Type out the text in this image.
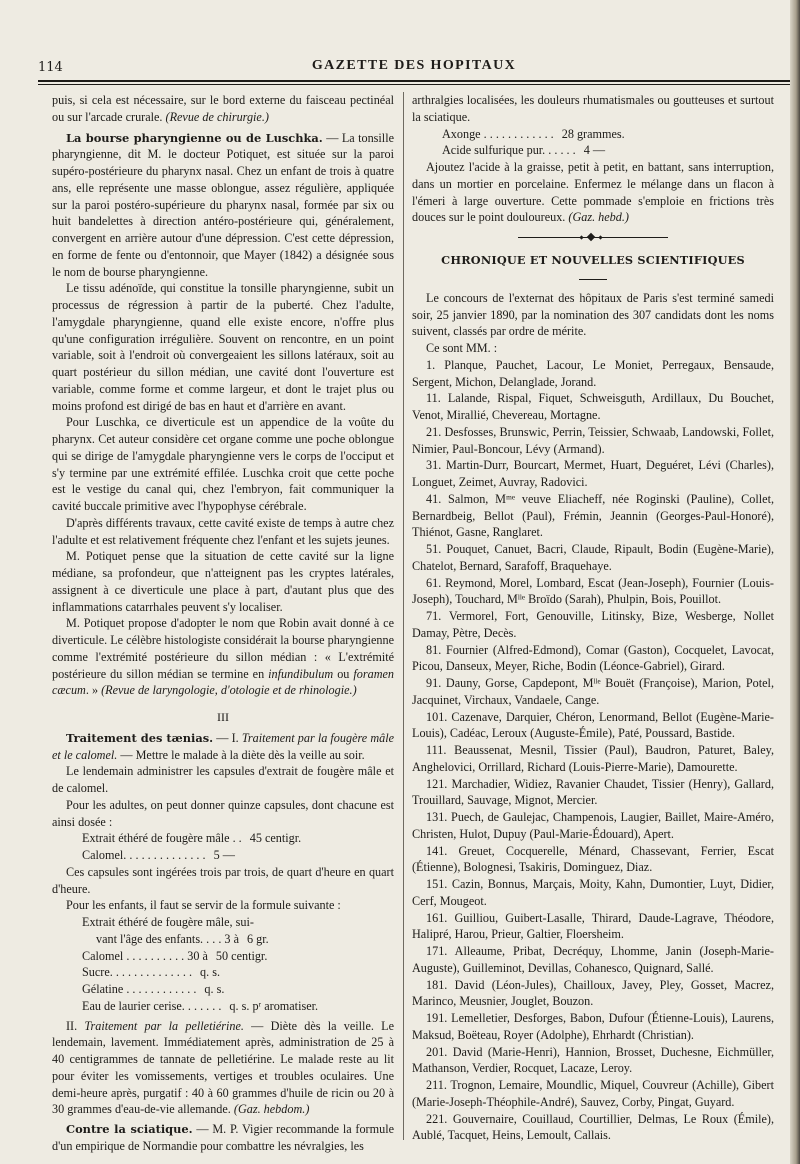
114	GAZETTE DES HOPITAUX

puis, si cela est nécessaire, sur le bord externe du faisceau pectinéal ou sur l'arcade crurale. (Revue de chirurgie.)

La bourse pharyngienne ou de Luschka. — La tonsille pharyngienne, dit M. le docteur Potiquet, est située sur la paroi supéro-postérieure du pharynx nasal. Chez un enfant de trois à quatre ans, elle représente une masse oblongue, assez régulière, appliquée sur la paroi postéro-supérieure du pharynx nasal, formée par six ou huit bandelettes à direction antéro-postérieure qui, généralement, convergent en arrière autour d'une dépression. C'est cette dépression, en forme de fente ou d'entonnoir, que Mayer (1842) a désignée sous le nom de bourse pharyngienne.

Le tissu adénoïde, qui constitue la tonsille pharyngienne, subit un processus de régression à partir de la puberté. Chez l'adulte, l'amygdale pharyngienne, quand elle existe encore, n'offre plus qu'une configuration irrégulière. Souvent on rencontre, en un point variable, soit à l'endroit où convergeaient les sillons latéraux, soit au quart postérieur du sillon médian, une cavité dont l'ouverture est variable, comme forme et comme largeur, et dont le trajet plus ou moins profond est dirigé de bas en haut et d'arrière en avant.

Pour Luschka, ce diverticule est un appendice de la voûte du pharynx. Cet auteur considère cet organe comme une poche oblongue qui se dirige de l'amygdale pharyngienne vers le corps de l'occiput et s'y termine par une extrémité effilée. Luschka croit que cette poche est le vestige du canal qui, chez l'embryon, fait communiquer la cavité buccale primitive avec l'hypophyse cérébrale.

D'après différents travaux, cette cavité existe de temps à autre chez l'adulte et est relativement fréquente chez l'enfant et les sujets jeunes.

M. Potiquet pense que la situation de cette cavité sur la ligne médiane, sa profondeur, que n'atteignent pas les cryptes latérales, assignent à ce diverticule une place à part, d'autant plus que des inflammations catarrhales peuvent s'y localiser.

M. Potiquet propose d'adopter le nom que Robin avait donné à ce diverticule. Le célèbre histologiste considérait la bourse pharyngienne comme l'extrémité postérieure du sillon médian : « L'extrémité postérieure du sillon médian se termine en infundibulum ou foramen cæcum. » (Revue de laryngologie, d'otologie et de rhinologie.)

III

Traitement des tænias. — I. Traitement par la fougère mâle et le calomel. — Mettre le malade à la diète dès la veille au soir.

Le lendemain administrer les capsules d'extrait de fougère mâle et de calomel.

Pour les adultes, on peut donner quinze capsules, dont chacune est ainsi dosée :

Extrait éthéré de fougère mâle . . 45 centigr.
Calomel. . . . . . . . . . . . . . 5 —

Ces capsules sont ingérées trois par trois, de quart d'heure en quart d'heure.

Pour les enfants, il faut se servir de la formule suivante :

Extrait éthéré de fougère mâle, sui-
vant l'âge des enfants. . . . 3 à 6 gr.
Calomel . . . . . . . . . . 30 à 50 centigr.
Sucre. . . . . . . . . . . . . . q. s.
Gélatine . . . . . . . . . . . . q. s.
Eau de laurier cerise. . . . . . . q. s. pʳ aromatiser.

II. Traitement par la pelletiérine. — Diète dès la veille. Le lendemain, lavement. Immédiatement après, administration de 25 à 40 centigrammes de tannate de pelletiérine. Le malade reste au lit pour éviter les vomissements, vertiges et troubles oculaires. Une demi-heure après, purgatif : 40 à 60 grammes d'huile de ricin ou 20 à 30 grammes d'eau-de-vie allemande. (Gaz. hebdom.)

Contre la sciatique. — M. P. Vigier recommande la formule d'un empirique de Normandie pour combattre les névralgies, les

arthralgies localisées, les douleurs rhumatismales ou goutteuses et surtout la sciatique.

Axonge . . . . . . . . . . . . 28 grammes.
Acide sulfurique pur. . . . . . 4 —

Ajoutez l'acide à la graisse, petit à petit, en battant, sans interruption, dans un mortier en porcelaine. Enfermez le mélange dans un flacon à l'émeri à large ouverture. Cette pommade s'emploie en frictions très douces sur le point douloureux. (Gaz. hebd.)

CHRONIQUE ET NOUVELLES SCIENTIFIQUES

Le concours de l'externat des hôpitaux de Paris s'est terminé samedi soir, 25 janvier 1890, par la nomination des 307 candidats dont les noms suivent, classés par ordre de mérite.

Ce sont MM. :

1. Planque, Pauchet, Lacour, Le Moniet, Perregaux, Bensaude, Sergent, Michon, Delanglade, Jorand.

11. Lalande, Rispal, Fiquet, Schweisguth, Ardillaux, Du Bouchet, Venot, Mirallié, Chevereau, Mortagne.

21. Desfosses, Brunswic, Perrin, Teissier, Schwaab, Landowski, Follet, Nimier, Paul-Boncour, Lévy (Armand).

31. Martin-Durr, Bourcart, Mermet, Huart, Deguéret, Lévi (Charles), Longuet, Zeimet, Auvray, Radovici.

41. Salmon, Mᵐᵉ veuve Eliacheff, née Roginski (Pauline), Collet, Bernardbeig, Bellot (Paul), Frémin, Jeannin (Georges-Paul-Honoré), Thiénot, Gasne, Ranglaret.

51. Pouquet, Canuet, Bacri, Claude, Ripault, Bodin (Eugène-Marie), Chatelot, Bernard, Sarafoff, Braquehaye.

61. Reymond, Morel, Lombard, Escat (Jean-Joseph), Fournier (Louis-Joseph), Touchard, Mˡˡᵉ Broïdo (Sarah), Phulpin, Bois, Pouillot.

71. Vermorel, Fort, Genouville, Litinsky, Bize, Wesberge, Nollet Damay, Pètre, Decès.

81. Fournier (Alfred-Edmond), Comar (Gaston), Cocquelet, Lavocat, Picou, Danseux, Meyer, Riche, Bodin (Léonce-Gabriel), Girard.

91. Dauny, Gorse, Capdepont, Mˡˡᵉ Bouët (Françoise), Marion, Potel, Jacquinet, Virchaux, Vandaele, Cange.

101. Cazenave, Darquier, Chéron, Lenormand, Bellot (Eugène-Marie-Louis), Cadéac, Leroux (Auguste-Émile), Paté, Poussard, Bastide.

111. Beaussenat, Mesnil, Tissier (Paul), Baudron, Paturet, Baley, Anghelovici, Orrillard, Richard (Louis-Pierre-Marie), Damourette.

121. Marchadier, Widiez, Ravanier Chaudet, Tissier (Henry), Gallard, Trouillard, Sauvage, Mignot, Mercier.

131. Puech, de Gaulejac, Champenois, Laugier, Baillet, Maire-Améro, Christen, Hulot, Dupuy (Paul-Marie-Édouard), Apert.

141. Greuet, Cocquerelle, Ménard, Chassevant, Ferrier, Escat (Étienne), Bolognesi, Tsakiris, Dominguez, Diaz.

151. Cazin, Bonnus, Marçais, Moity, Kahn, Dumontier, Luyt, Didier, Cerf, Mougeot.

161. Guilliou, Guibert-Lasalle, Thirard, Daude-Lagrave, Théodore, Halipré, Harou, Prieur, Galtier, Floersheim.

171. Alleaume, Pribat, Decréquy, Lhomme, Janin (Joseph-Marie-Auguste), Guilleminot, Devillas, Cohanesco, Quignard, Sallé.

181. David (Léon-Jules), Chailloux, Javey, Pley, Gosset, Macrez, Marinco, Meusnier, Jouglet, Bouzon.

191. Lemelletier, Desforges, Babon, Dufour (Étienne-Louis), Laurens, Maksud, Boëteau, Royer (Adolphe), Ehrhardt (Christian).

201. David (Marie-Henri), Hannion, Brosset, Duchesne, Eichmüller, Mathanson, Verdier, Rocquet, Lacaze, Leroy.

211. Trognon, Lemaire, Moundlic, Miquel, Couvreur (Achille), Gibert (Marie-Joseph-Théophile-André), Sauvez, Corby, Pingat, Guyard.

221. Gouvernaire, Couillaud, Courtillier, Delmas, Le Roux (Émile), Aublé, Tacquet, Heins, Lemoult, Callais.
